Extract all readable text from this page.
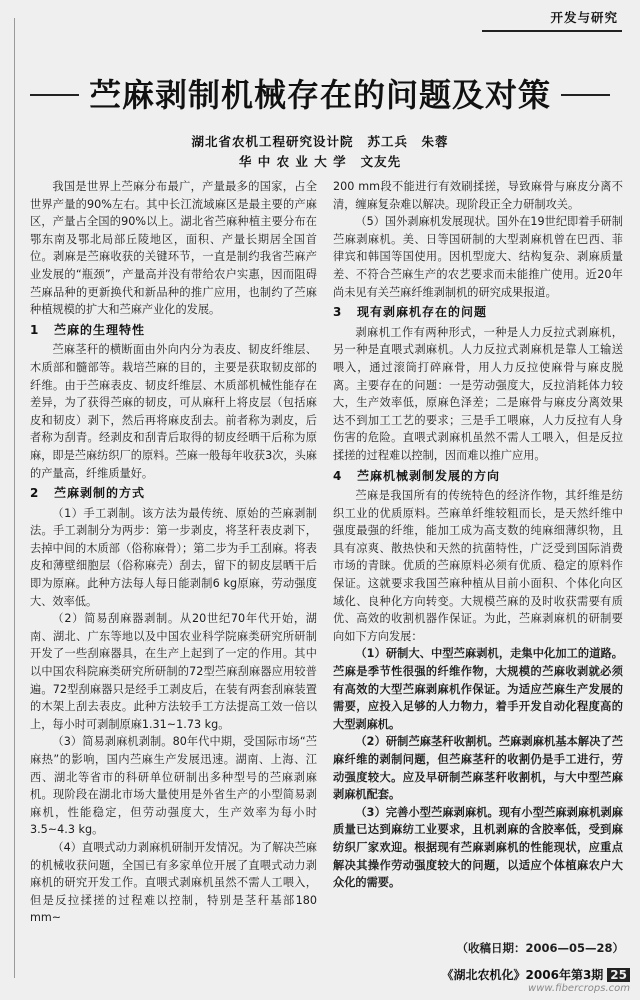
开发与研究
苎麻剥制机械存在的问题及对策
湖北省农机工程研究设计院 苏工兵　朱蓉
华 中 农 业 大 学 文友先

我国是世界上苎麻分布最广，产量最多的国家，占全世界产量的90%左右。其中长江流域麻区是最主要的产麻区，产量占全国的90%以上。湖北省苎麻种植主要分布在鄂东南及鄂北局部丘陵地区，面积、产量长期居全国首位。剥麻是苎麻收获的关键环节，一直是制约我省苎麻产业发展的“瓶颈”，产量高并没有带给农户实惠，因而阻碍苎麻品种的更新换代和新品种的推广应用，也制约了苎麻种植规模的扩大和苎麻产业化的发展。

1 苎麻的生理特性

苎麻茎秆的横断面由外向内分为表皮、韧皮纤维层、木质部和髓部等。栽培苎麻的目的，主要是获取韧皮部的纤维。由于苎麻表皮、韧皮纤维层、木质部机械性能存在差异，为了获得苎麻的韧皮，可从麻秆上将皮层（包括麻皮和韧皮）剥下，然后再将麻皮刮去。前者称为剥皮，后者称为刮青。经剥皮和刮青后取得的韧皮经晒干后称为原麻，即是苎麻纺织厂的原料。苎麻一般每年收获3次，头麻的产量高，纤维质量好。

2 苎麻剥制的方式

（1）手工剥制。该方法为最传统、原始的苎麻剥制法。手工剥制分为两步：第一步剥皮，将茎秆表皮剥下，去掉中间的木质部（俗称麻骨）；第二步为手工刮麻。将表皮和薄壁细胞层（俗称麻壳）刮去，留下的韧皮层晒干后即为原麻。此种方法每人每日能剥制6 kg原麻，劳动强度大、效率低。

（2）简易刮麻器剥制。从20世纪70年代开始，湖南、湖北、广东等地以及中国农业科学院麻类研究所研制开发了一些刮麻器具，在生产上起到了一定的作用。其中以中国农科院麻类研究所研制的72型苎麻刮麻器应用较普遍。72型刮麻器只是经手工剥皮后，在装有两套刮麻装置的木架上刮去表皮。此种方法较手工方法提高工效一倍以上，每小时可剥制原麻1.31~1.73 kg。

（3）简易剥麻机剥制。80年代中期，受国际市场“苎麻热”的影响，国内苎麻生产发展迅速。湖南、上海、江西、湖北等省市的科研单位研制出多种型号的苎麻剥麻机。现阶段在湖北市场大量使用是外省生产的小型简易剥麻机，性能稳定，但劳动强度大，生产效率为每小时3.5~4.3 kg。

（4）直喂式动力剥麻机研制开发情况。为了解决苎麻的机械收获问题，全国已有多家单位开展了直喂式动力剥麻机的研究开发工作。直喂式剥麻机虽然不需人工喂入，但是反拉揉搓的过程难以控制，特别是茎秆基部180 mm~

200 mm段不能进行有效刷揉搓，导致麻骨与麻皮分离不清，缠麻复杂难以解决。现阶段正全力研制攻关。

（5）国外剥麻机发展现状。国外在19世纪即着手研制苎麻剥麻机。美、日等国研制的大型剥麻机曾在巴西、菲律宾和韩国等国使用。因机型庞大、结构复杂、剥麻质量差、不符合苎麻生产的农艺要求而未能推广使用。近20年尚未见有关苎麻纤维剥制机的研究成果报道。

3 现有剥麻机存在的问题

剥麻机工作有两种形式，一种是人力反拉式剥麻机，另一种是直喂式剥麻机。人力反拉式剥麻机是靠人工输送喂入，通过滚筒打碎麻骨，用人力反拉使麻骨与麻皮脱离。主要存在的问题：一是劳动强度大，反拉消耗体力较大，生产效率低，原麻色泽差；二是麻骨与麻皮分离效果达不到加工工艺的要求；三是手工喂麻，人力反拉有人身伤害的危险。直喂式剥麻机虽然不需人工喂入，但是反拉揉搓的过程难以控制，因而难以推广应用。

4 苎麻机械剥制发展的方向

苎麻是我国所有的传统特色的经济作物，其纤维是纺织工业的优质原料。苎麻单纤维较粗而长，是天然纤维中强度最强的纤维，能加工成为高支数的纯麻细薄织物，且具有凉爽、散热快和天然的抗菌特性，广泛受到国际消费市场的青睐。优质的苎麻原料必须有优质、稳定的原料作保证。这就要求我国苎麻种植从目前小面积、个体化向区域化、良种化方向转变。大规模苎麻的及时收获需要有质优、高效的收割机器作保证。为此，苎麻剥麻机的研制要向如下方向发展：

（1）研制大、中型苎麻剥机，走集中化加工的道路。苎麻是季节性很强的纤维作物，大规模的苎麻收剥就必须有高效的大型苎麻剥麻机作保证。为适应苎麻生产发展的需要，应投入足够的人力物力，着手开发自动化程度高的大型剥麻机。

（2）研制苎麻茎秆收割机。苎麻剥麻机基本解决了苎麻纤维的剥制问题，但苎麻茎秆的收割仍是手工进行，劳动强度较大。应及早研制苎麻茎秆收割机，与大中型苎麻剥麻机配套。

（3）完善小型苎麻剥麻机。现有小型苎麻剥麻机剥麻质量已达到麻纺工业要求，且机剥麻的含胶率低，受到麻纺织厂家欢迎。根据现有苎麻剥麻机的性能现状，应重点解决其操作劳动强度较大的问题，以适应个体植麻农户大众化的需要。

（收稿日期：2006—05—28）
《湖北农机化》2006年第3期 25
www.fibercrops.com
